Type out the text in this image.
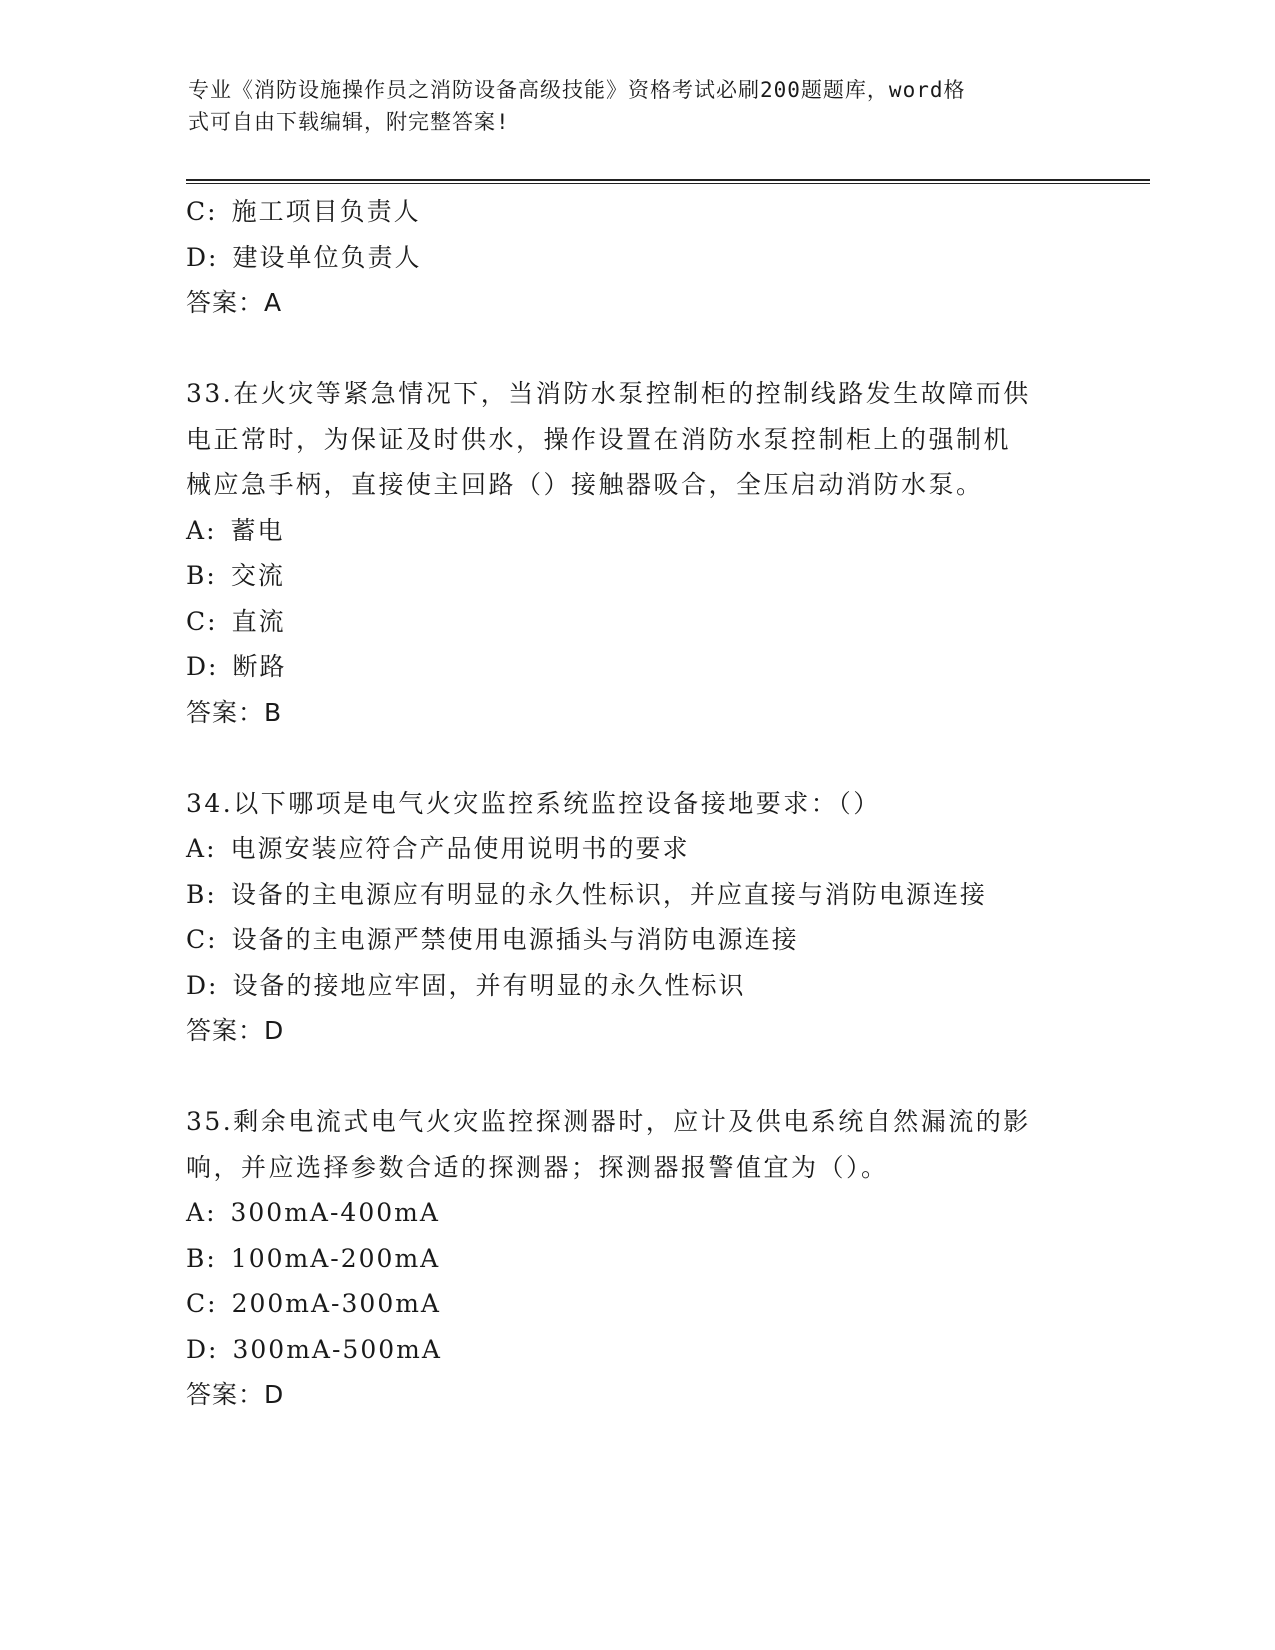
专业《消防设施操作员之消防设备高级技能》资格考试必刷200题题库，word格
式可自由下载编辑，附完整答案!
C: 施工项目负责人
D: 建设单位负责人
答案：A
33.在火灾等紧急情况下，当消防水泵控制柜的控制线路发生故障而供
电正常时，为保证及时供水，操作设置在消防水泵控制柜上的强制机
械应急手柄，直接使主回路（）接触器吸合，全压启动消防水泵。
A: 蓄电
B: 交流
C: 直流
D: 断路
答案：B
34.以下哪项是电气火灾监控系统监控设备接地要求：（）
A: 电源安装应符合产品使用说明书的要求
B: 设备的主电源应有明显的永久性标识，并应直接与消防电源连接
C: 设备的主电源严禁使用电源插头与消防电源连接
D: 设备的接地应牢固，并有明显的永久性标识
答案：D
35.剩余电流式电气火灾监控探测器时，应计及供电系统自然漏流的影
响，并应选择参数合适的探测器；探测器报警值宜为（）。
A: 300mA-400mA
B: 100mA-200mA
C: 200mA-300mA
D: 300mA-500mA
答案：D
